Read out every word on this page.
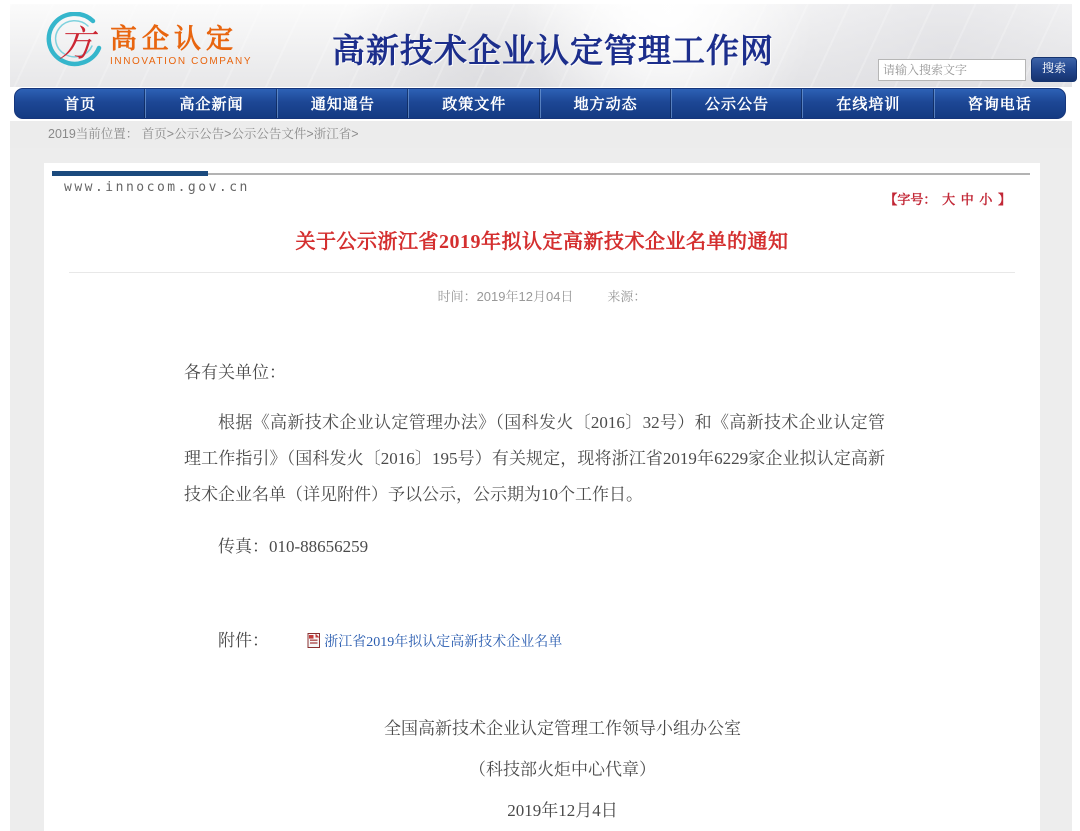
方 高企认定
INNOVATION COMPANY 高新技术企业认定管理工作网
请输入搜索文字	搜索
首页	高企新闻	通知通告	政策文件	地方动态	公示公告	在线培训	咨询电话
2019当前位置： 首页>公示公告>公示公告文件>浙江省>
www.innocom.gov.cn
【字号： 大 中 小 】
关于公示浙江省2019年拟认定高新技术企业名单的通知
时间：2019年12月04日	来源：

各有关单位：

根据《高新技术企业认定管理办法》（国科发火〔2016〕32号）和《高新技术企业认定管理工作指引》（国科发火〔2016〕195号）有关规定，现将浙江省2019年6229家企业拟认定高新技术企业名单（详见附件）予以公示，公示期为10个工作日。

传真：010-88656259

附件：	浙江省2019年拟认定高新技术企业名单

全国高新技术企业认定管理工作领导小组办公室
（科技部火炬中心代章）
2019年12月4日
